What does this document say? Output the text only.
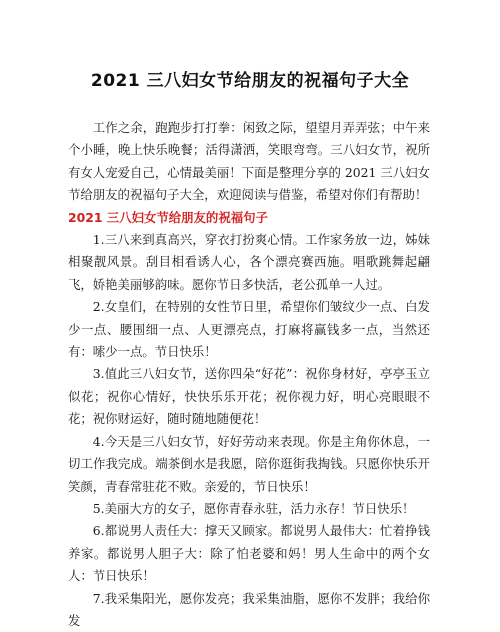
2021 三八妇女节给朋友的祝福句子大全

工作之余，跑跑步打打拳：闲致之际，望望月弄弄弦；中午来个小睡，晚上快乐晚餐；活得潇洒，笑眼弯弯。三八妇女节，祝所有女人宠爱自己，心情最美丽！下面是整理分享的 2021 三八妇女节给朋友的祝福句子大全，欢迎阅读与借鉴，希望对你们有帮助！

2021 三八妇女节给朋友的祝福句子

1.三八来到真高兴，穿衣打扮爽心情。工作家务放一边，姊妹相聚靓风景。刮目相看诱人心，各个漂亮赛西施。唱歌跳舞起翩飞，娇艳美丽够韵味。愿你节日多快活，老公孤单一人过。

2.女皇们，在特别的女性节日里，希望你们皱纹少一点、白发少一点、腰围细一点、人更漂亮点，打麻将赢钱多一点，当然还有：嗦少一点。节日快乐！

3.值此三八妇女节，送你四朵“好花”：祝你身材好，亭亭玉立似花；祝你心情好，快快乐乐开花；祝你视力好，明心亮眼眼不花；祝你财运好，随时随地随便花！

4.今天是三八妇女节，好好劳动来表现。你是主角你休息，一切工作我完成。端茶倒水是我愿，陪你逛街我掏钱。只愿你快乐开笑颜，青春常驻花不败。亲爱的，节日快乐！

5.美丽大方的女子，愿你青春永驻，活力永存！节日快乐！

6.都说男人责任大：撑天又顾家。都说男人最伟大：忙着挣钱养家。都说男人胆子大：除了怕老婆和妈！男人生命中的两个女人：节日快乐！

7.我采集阳光，愿你发亮；我采集油脂，愿你不发胖；我给你发
